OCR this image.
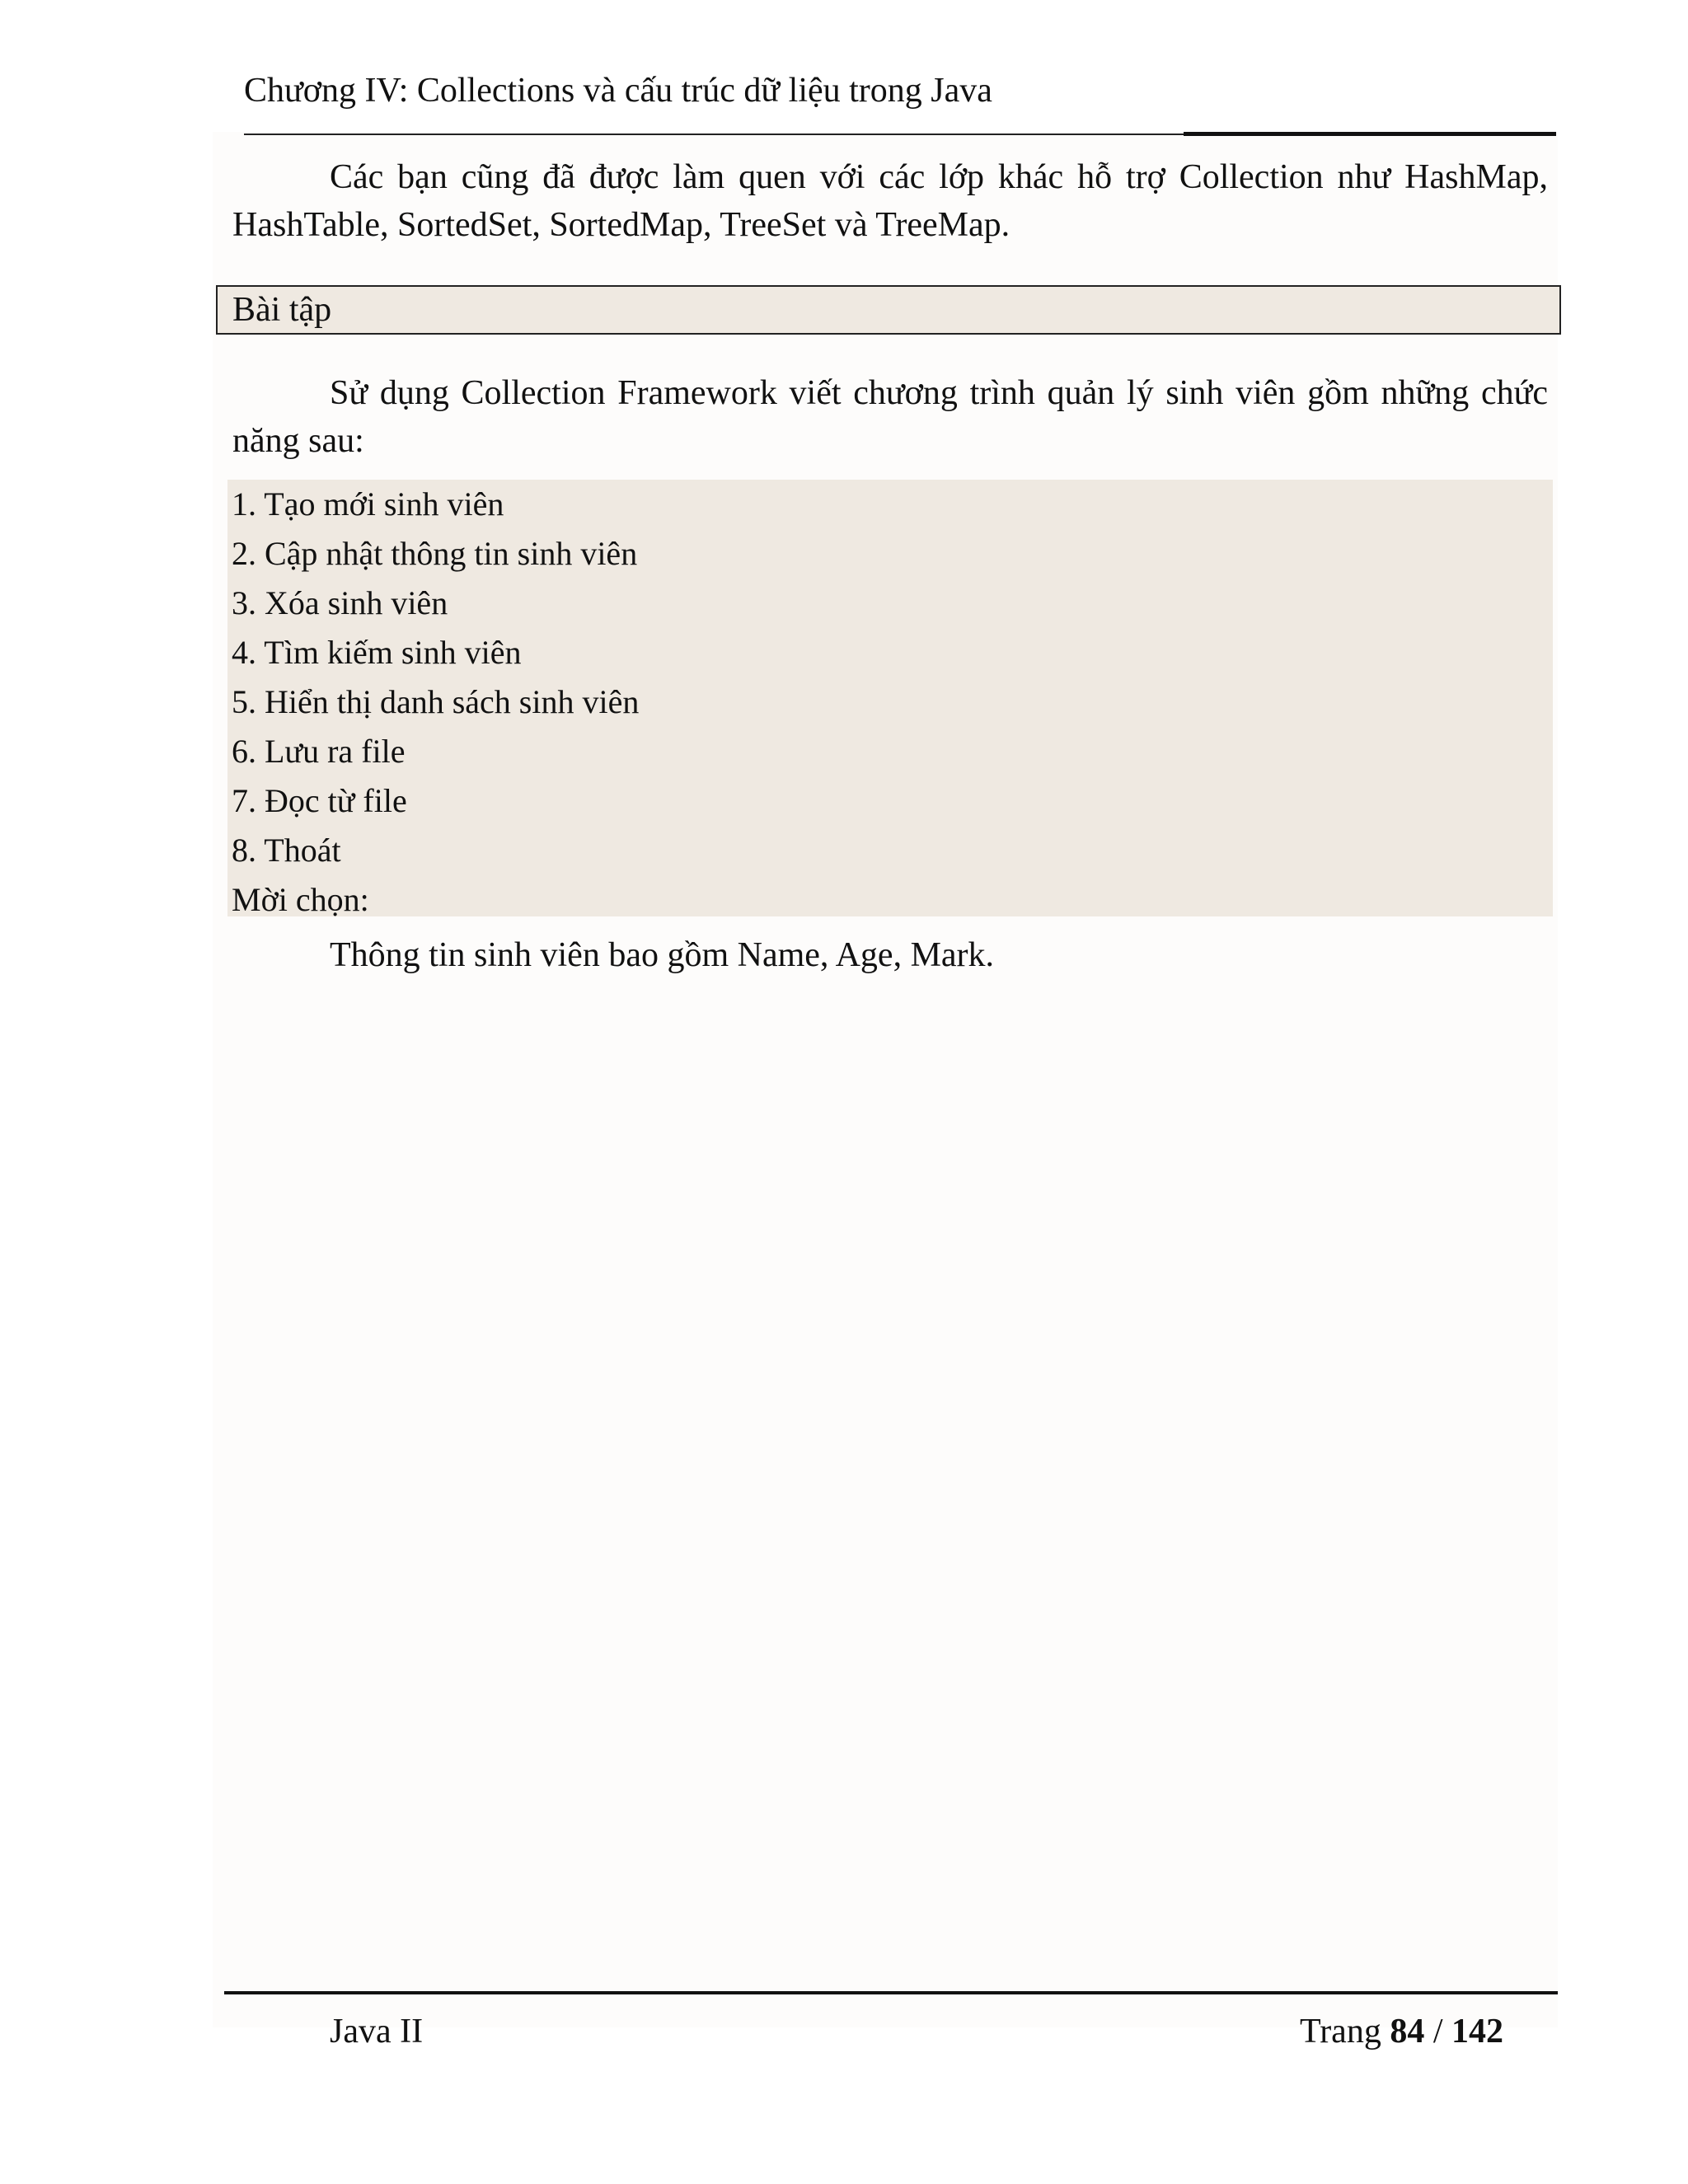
Chương IV: Collections và cấu trúc dữ liệu trong Java

Các bạn cũng đã được làm quen với các lớp khác hỗ trợ Collection như HashMap, HashTable, SortedSet, SortedMap, TreeSet và TreeMap.

Bài tập

Sử dụng Collection Framework viết chương trình quản lý sinh viên gồm những chức năng sau:

1. Tạo mới sinh viên
2. Cập nhật thông tin sinh viên
3. Xóa sinh viên
4. Tìm kiếm sinh viên
5. Hiển thị danh sách sinh viên
6. Lưu ra file
7. Đọc từ file
8. Thoát
Mời chọn:

Thông tin sinh viên bao gồm Name, Age, Mark.

Java II	Trang 84 / 142
